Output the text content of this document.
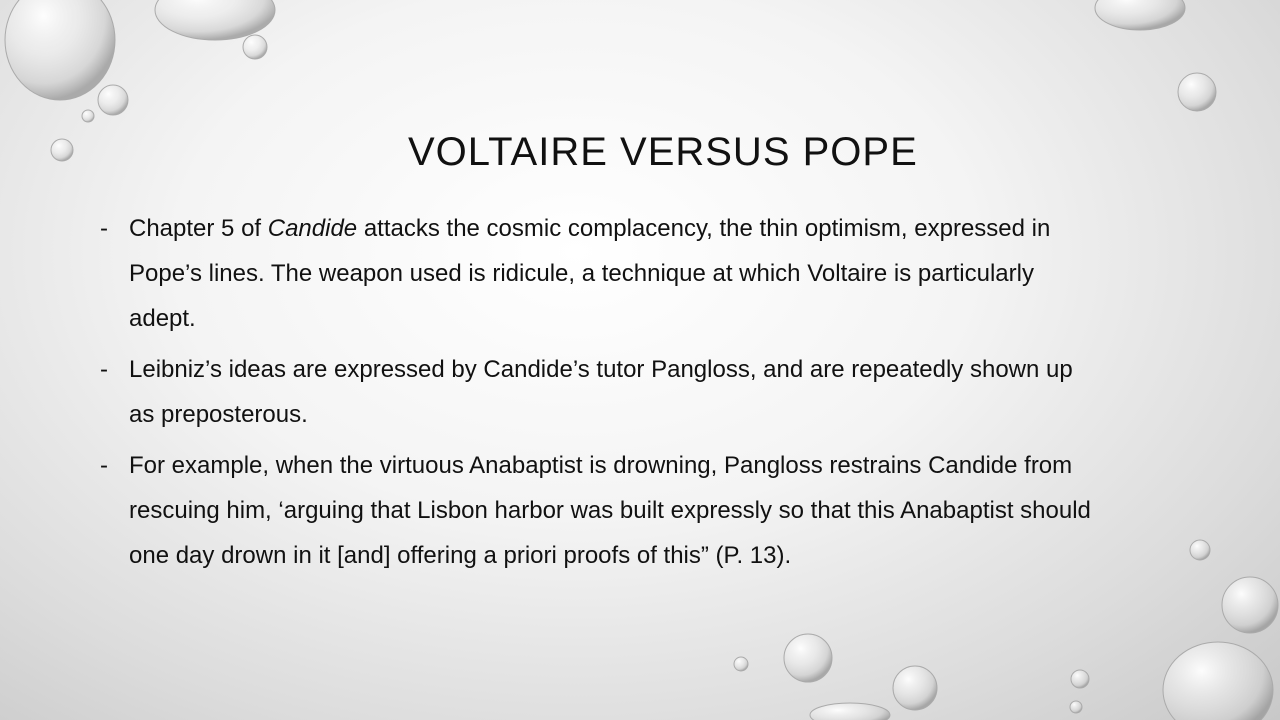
VOLTAIRE VERSUS POPE
- Chapter 5 of Candide attacks the cosmic complacency, the thin optimism, expressed in Pope’s lines. The weapon used is ridicule, a technique at which Voltaire is particularly adept.
- Leibniz’s ideas are expressed by Candide’s tutor Pangloss, and are repeatedly shown up as preposterous.
- For example, when the virtuous Anabaptist is drowning, Pangloss restrains Candide from rescuing him, ‘arguing that Lisbon harbor was built expressly so that this Anabaptist should one day drown in it [and] offering a priori proofs of this” (P. 13).
